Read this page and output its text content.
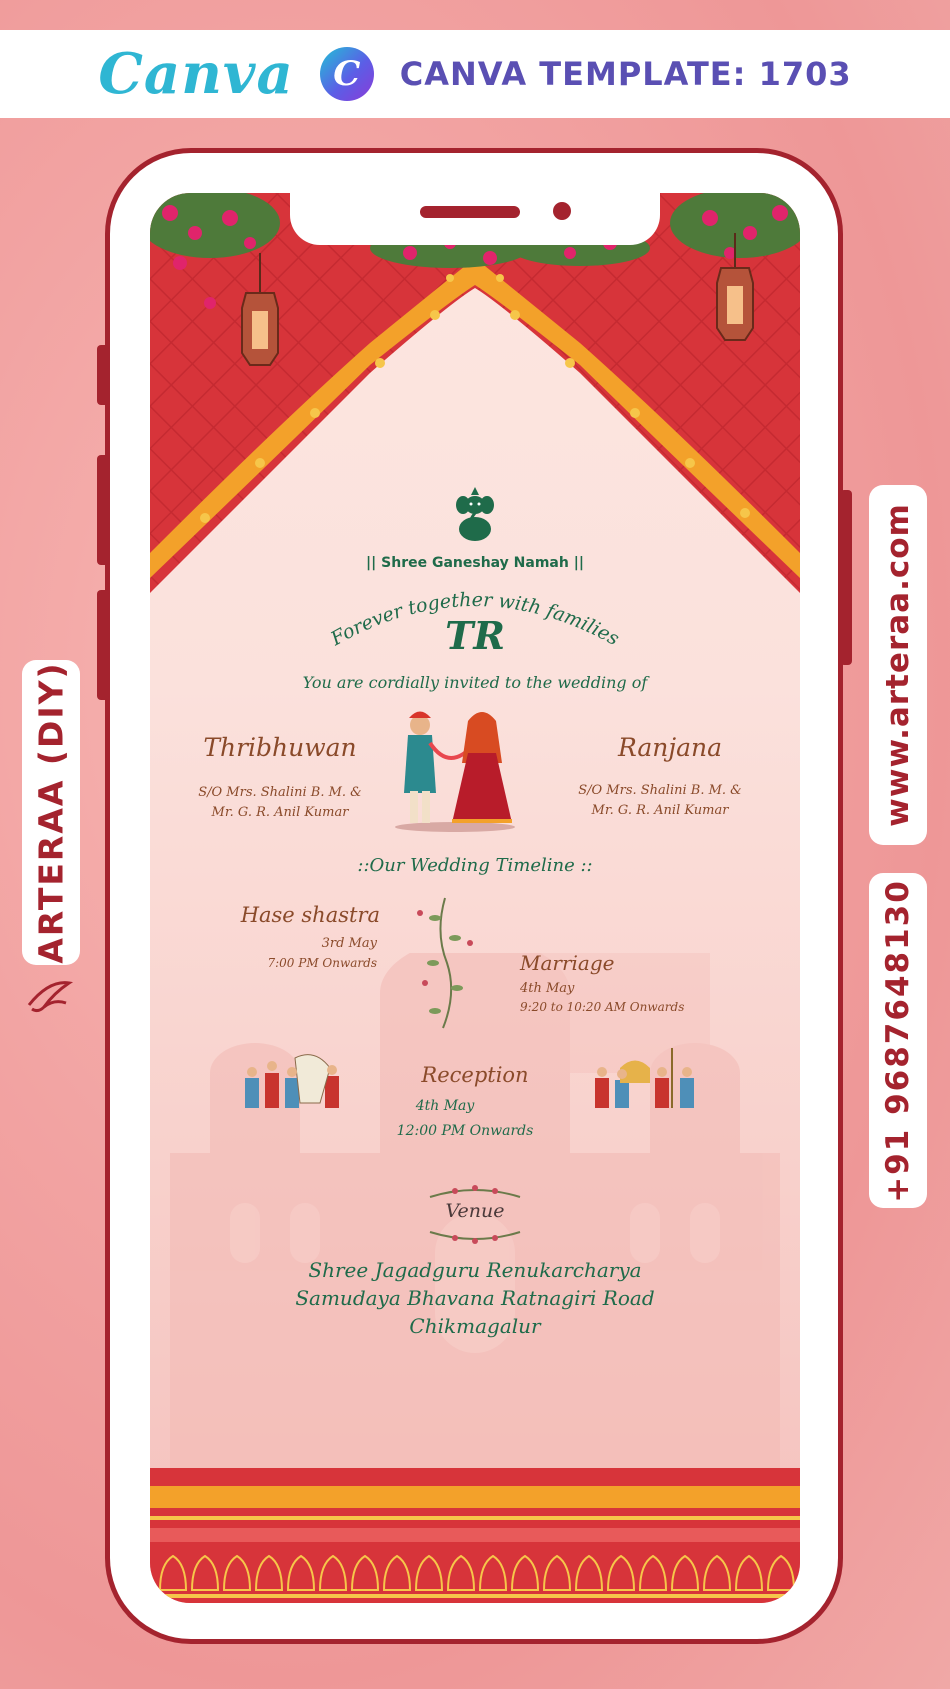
Canva	C	CANVA TEMPLATE: 1703
ARTERAA (DIY)	www.arteraa.com
+91 9687648130
|| Shree Ganeshay Namah ||
Forever together with families
TR
You are cordially invited to the wedding of
Thribhuwan
S/O Mrs. Shalini B. M. &
Mr. G. R. Anil Kumar
Ranjana
S/O Mrs. Shalini B. M. &
Mr. G. R. Anil Kumar
::Our Wedding Timeline ::
Hase shastra
3rd May
7:00 PM Onwards	Marriage
4th May
9:20 to 10:20 AM Onwards
Reception
4th May
12:00 PM Onwards
Venue
Shree Jagadguru Renukarcharya
Samudaya Bhavana Ratnagiri Road
Chikmagalur
